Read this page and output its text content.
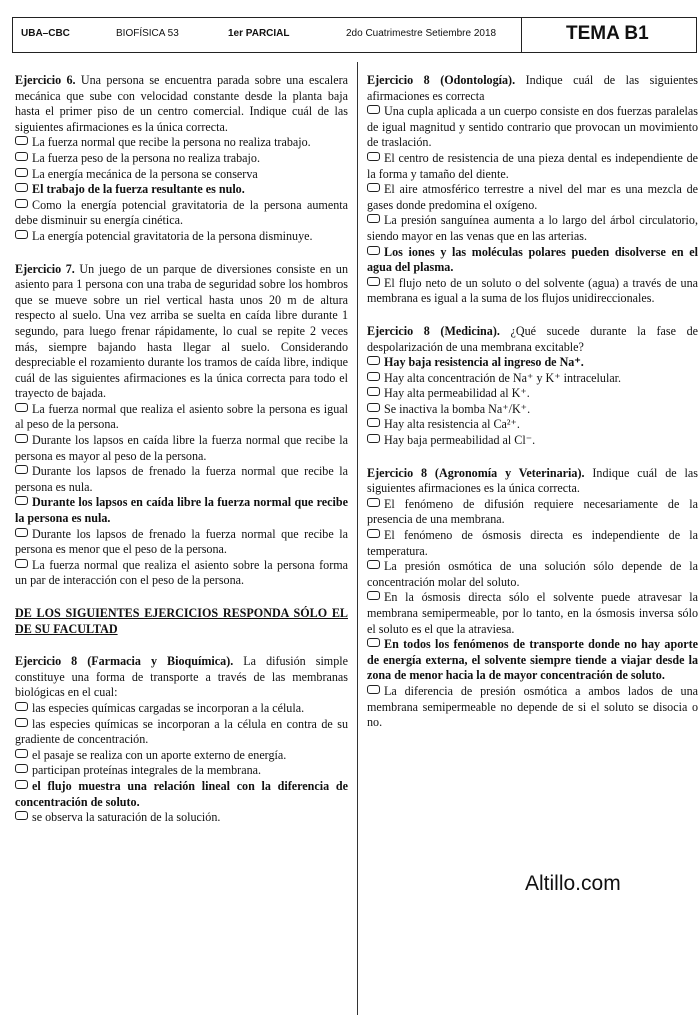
UBA–CBC	BIOFÍSICA 53	1er PARCIAL	2do Cuatrimestre Setiembre 2018	TEMA B1

Ejercicio 6. Una persona se encuentra parada sobre una escalera mecánica que sube con velocidad constante desde la planta baja hasta el primer piso de un centro comercial. Indique cuál de las siguientes afirmaciones es la única correcta.

La fuerza normal que recibe la persona no realiza trabajo.

La fuerza peso de la persona no realiza trabajo.

La energía mecánica de la persona se conserva

El trabajo de la fuerza resultante es nulo.

Como la energía potencial gravitatoria de la persona aumenta debe disminuir su energía cinética.

La energía potencial gravitatoria de la persona disminuye.

Ejercicio 7. Un juego de un parque de diversiones consiste en un asiento para 1 persona con una traba de seguridad sobre los hombros que se mueve sobre un riel vertical hasta unos 20 m de altura respecto al suelo. Una vez arriba se suelta en caída libre durante 1 segundo, para luego frenar rápidamente, lo cual se repite 2 veces más, siempre bajando hasta llegar al suelo. Considerando despreciable el rozamiento durante los tramos de caída libre, indique cuál de las siguientes afirmaciones es la única correcta para todo el trayecto de bajada.

La fuerza normal que realiza el asiento sobre la persona es igual al peso de la persona.

Durante los lapsos en caída libre la fuerza normal que recibe la persona es mayor al peso de la persona.

Durante los lapsos de frenado la fuerza normal que recibe la persona es nula.

Durante los lapsos en caída libre la fuerza normal que recibe la persona es nula.

Durante los lapsos de frenado la fuerza normal que recibe la persona es menor que el peso de la persona.

La fuerza normal que realiza el asiento sobre la persona forma un par de interacción con el peso de la persona.

DE LOS SIGUIENTES EJERCICIOS RESPONDA SÓLO EL DE SU FACULTAD

Ejercicio 8 (Farmacia y Bioquímica). La difusión simple constituye una forma de transporte a través de las membranas biológicas en el cual:

las especies químicas cargadas se incorporan a la célula.

las especies químicas se incorporan a la célula en contra de su gradiente de concentración.

el pasaje se realiza con un aporte externo de energía.

participan proteínas integrales de la membrana.

el flujo muestra una relación lineal con la diferencia de concentración de soluto.

se observa la saturación de la solución.

Ejercicio 8 (Odontología). Indique cuál de las siguientes afirmaciones es correcta

Una cupla aplicada a un cuerpo consiste en dos fuerzas paralelas de igual magnitud y sentido contrario que provocan un movimiento de traslación.

El centro de resistencia de una pieza dental es independiente de la forma y tamaño del diente.

El aire atmosférico terrestre a nivel del mar es una mezcla de gases donde predomina el oxígeno.

La presión sanguínea aumenta a lo largo del árbol circulatorio, siendo mayor en las venas que en las arterias.

Los iones y las moléculas polares pueden disolverse en el agua del plasma.

El flujo neto de un soluto o del solvente (agua) a través de una membrana es igual a la suma de los flujos unidireccionales.

Ejercicio 8 (Medicina). ¿Qué sucede durante la fase de despolarización de una membrana excitable?

Hay baja resistencia al ingreso de Na⁺.

Hay alta concentración de Na⁺ y K⁺ intracelular.

Hay alta permeabilidad al K⁺.

Se inactiva la bomba Na⁺/K⁺.

Hay alta resistencia al Ca²⁺.

Hay baja permeabilidad al Cl⁻.

Ejercicio 8 (Agronomía y Veterinaria). Indique cuál de las siguientes afirmaciones es la única correcta.

El fenómeno de difusión requiere necesariamente de la presencia de una membrana.

El fenómeno de ósmosis directa es independiente de la temperatura.

La presión osmótica de una solución sólo depende de la concentración molar del soluto.

En la ósmosis directa sólo el solvente puede atravesar la membrana semipermeable, por lo tanto, en la ósmosis inversa sólo el soluto es el que la atraviesa.

En todos los fenómenos de transporte donde no hay aporte de energía externa, el solvente siempre tiende a viajar desde la zona de menor hacia la de mayor concentración de soluto.

La diferencia de presión osmótica a ambos lados de una membrana semipermeable no depende de si el soluto se disocia o no.

Altillo.com
